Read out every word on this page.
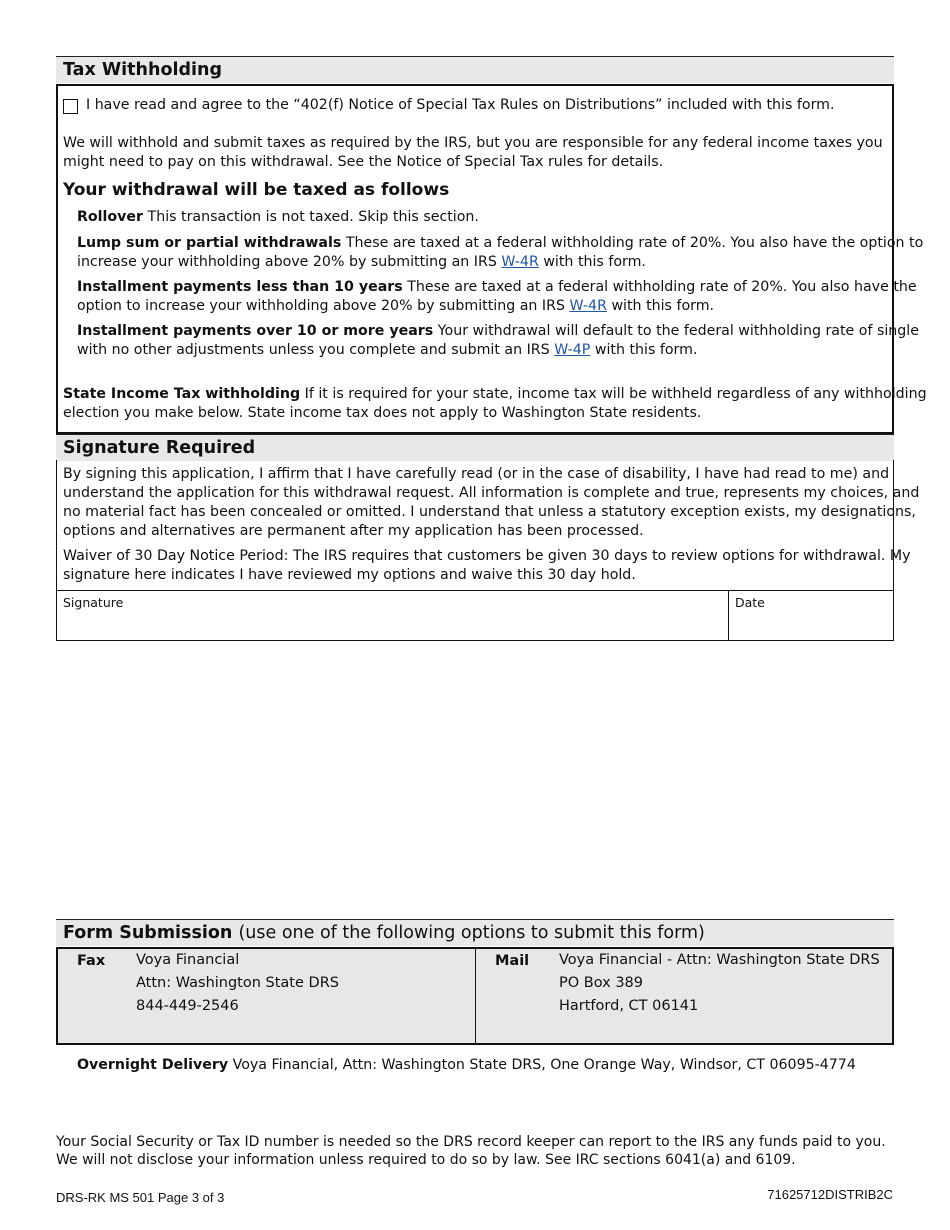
Tax Withholding
I have read and agree to the “402(f) Notice of Special Tax Rules on Distributions” included with this form.
We will withhold and submit taxes as required by the IRS, but you are responsible for any federal income taxes you
might need to pay on this withdrawal. See the Notice of Special Tax rules for details.
Your withdrawal will be taxed as follows
Rollover This transaction is not taxed. Skip this section.
Lump sum or partial withdrawals These are taxed at a federal withholding rate of 20%. You also have the option to
increase your withholding above 20% by submitting an IRS W-4R with this form.
Installment payments less than 10 years These are taxed at a federal withholding rate of 20%. You also have the
option to increase your withholding above 20% by submitting an IRS W-4R with this form.
Installment payments over 10 or more years Your withdrawal will default to the federal withholding rate of single
with no other adjustments unless you complete and submit an IRS W-4P with this form.
State Income Tax withholding If it is required for your state, income tax will be withheld regardless of any withholding
election you make below. State income tax does not apply to Washington State residents.
Signature Required
Signature	Date
By signing this application, I affirm that I have carefully read (or in the case of disability, I have had read to me) and
understand the application for this withdrawal request. All information is complete and true, represents my choices, and
no material fact has been concealed or omitted. I understand that unless a statutory exception exists, my designations,
options and alternatives are permanent after my application has been processed.
Waiver of 30 Day Notice Period: The IRS requires that customers be given 30 days to review options for withdrawal. My
signature here indicates I have reviewed my options and waive this 30 day hold.
Form Submission (use one of the following options to submit this form)
Fax Voya Financial
Attn: Washington State DRS
844-449-2546
Mail Voya Financial - Attn: Washington State DRS
PO Box 389
Hartford, CT 06141
Overnight Delivery Voya Financial, Attn: Washington State DRS, One Orange Way, Windsor, CT 06095-4774
Your Social Security or Tax ID number is needed so the DRS record keeper can report to the IRS any funds paid to you.
We will not disclose your information unless required to do so by law. See IRC sections 6041(a) and 6109.
DRS-RK MS 501 Page 3 of 3	71625712DISTRIB2C
